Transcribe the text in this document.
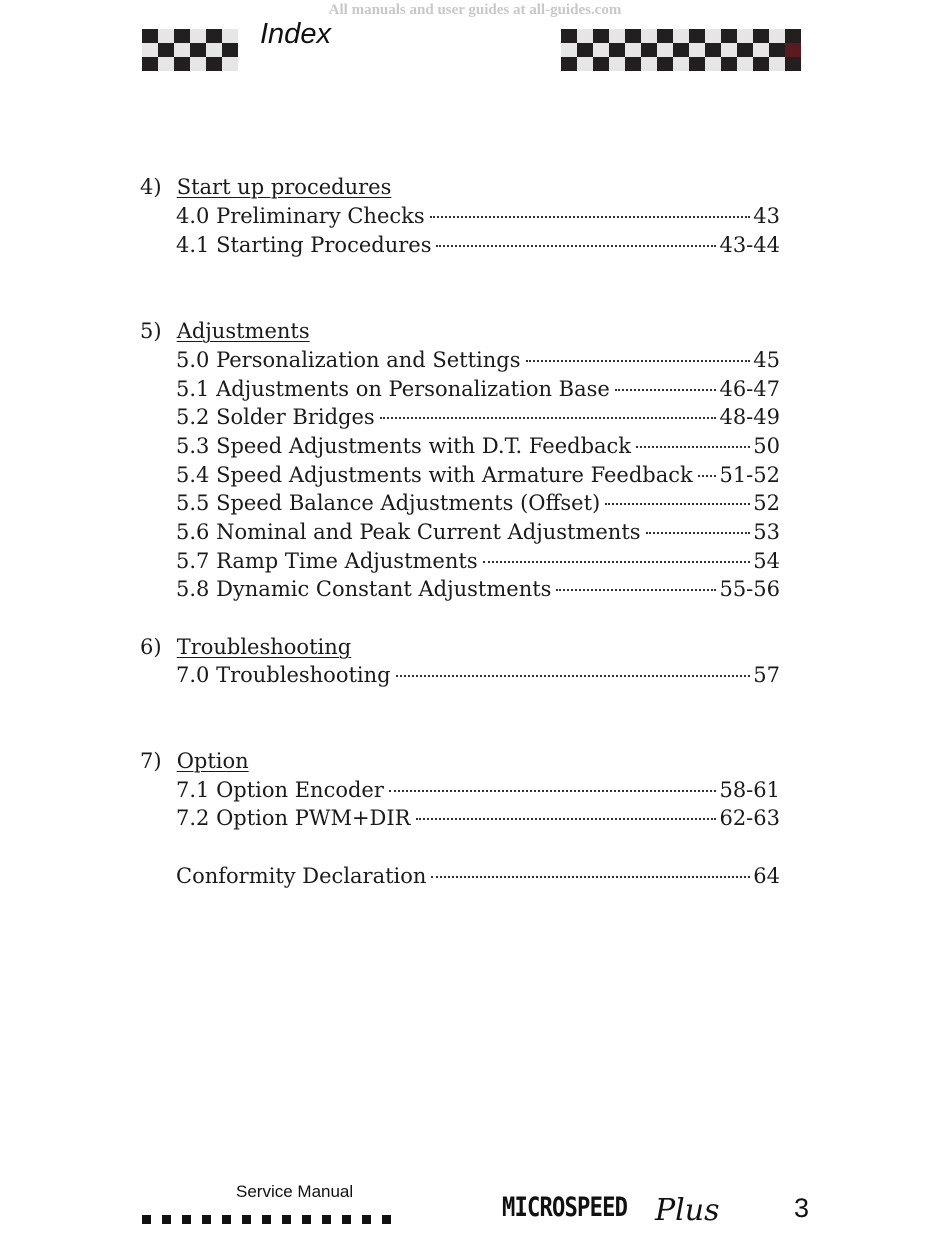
All manuals and user guides at all-guides.com
Index
4) Start up procedures
4.0 Preliminary Checks	43
4.1 Starting Procedures	43-44
5) Adjustments
5.0 Personalization and Settings	45
5.1 Adjustments on Personalization Base	46-47
5.2 Solder Bridges	48-49
5.3 Speed Adjustments with D.T. Feedback	50
5.4 Speed Adjustments with Armature Feedback 51-52
5.5 Speed Balance Adjustments (Offset)	52
5.6 Nominal and Peak Current Adjustments	53
5.7 Ramp Time Adjustments	54
5.8 Dynamic Constant Adjustments	55-56
6) Troubleshooting
7.0 Troubleshooting	57
7) Option
7.1 Option Encoder	58-61
7.2 Option PWM+DIR	62-63
Conformity Declaration	64
Service Manual
MICROSPEED Plus	3
